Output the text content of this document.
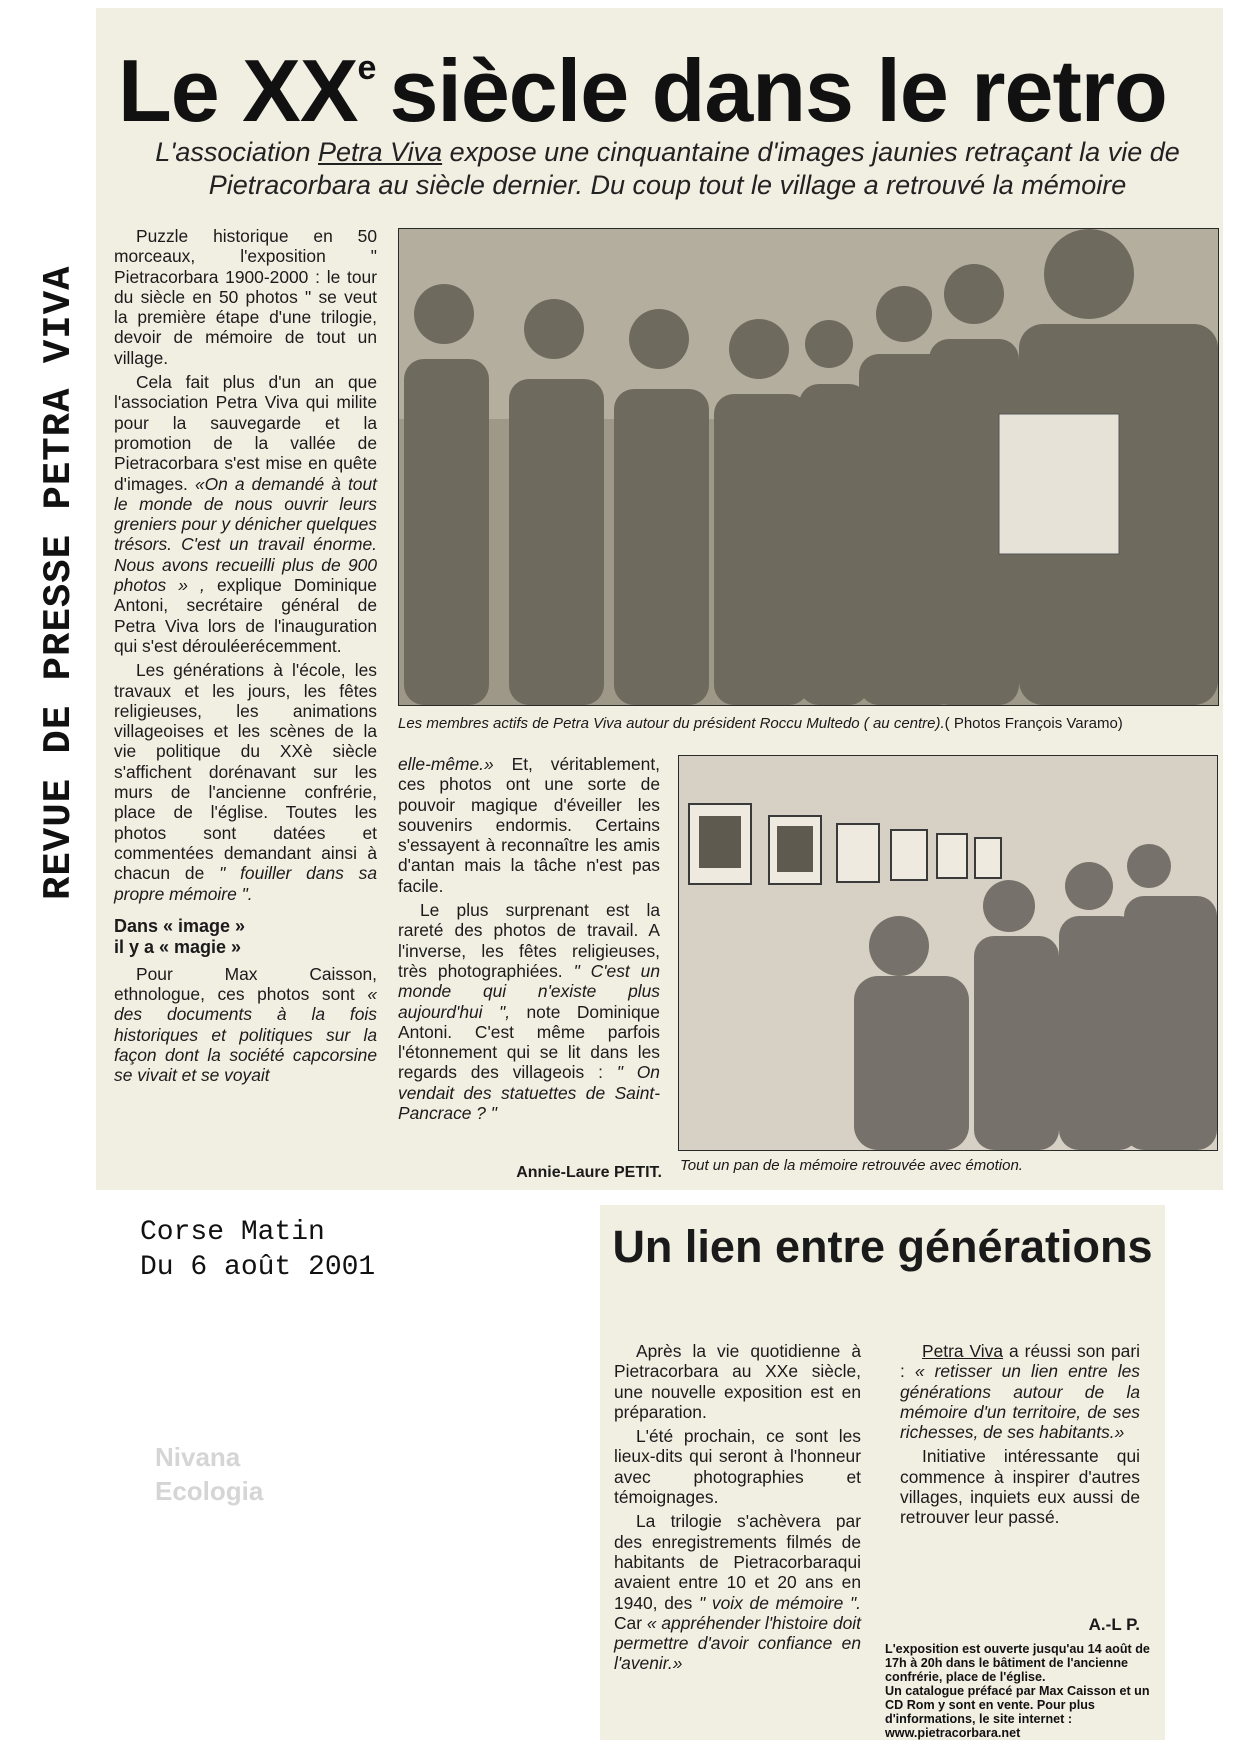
REVUE DE PRESSE PETRA VIVA
Le XXe siècle dans le retro
L'association Petra Viva expose une cinquantaine d'images jaunies retraçant la vie de Pietracorbara au siècle dernier. Du coup tout le village a retrouvé la mémoire

Puzzle historique en 50 morceaux, l'exposition " Pietracorbara 1900-2000 : le tour du siècle en 50 photos " se veut la première étape d'une trilogie, devoir de mémoire de tout un village.

Cela fait plus d'un an que l'association Petra Viva qui milite pour la sauvegarde et la promotion de la vallée de Pietracorbara s'est mise en quête d'images. «On a demandé à tout le monde de nous ouvrir leurs greniers pour y dénicher quelques trésors. C'est un travail énorme. Nous avons recueilli plus de 900 photos » , explique Dominique Antoni, secrétaire général de Petra Viva lors de l'inauguration qui s'est dérouléerécemment.

Les générations à l'école, les travaux et les jours, les fêtes religieuses, les animations villageoises et les scènes de la vie politique du XXè siècle s'affichent dorénavant sur les murs de l'ancienne confrérie, place de l'église. Toutes les photos sont datées et commentées demandant ainsi à chacun de " fouiller dans sa propre mémoire ".

Dans « image »
il y a « magie »

Pour Max Caisson, ethnologue, ces photos sont « des documents à la fois historiques et politiques sur la façon dont la société capcorsine se vivait et se voyait

Les membres actifs de Petra Viva autour du président Roccu Multedo ( au centre).( Photos François Varamo)

elle-même.» Et, véritablement, ces photos ont une sorte de pouvoir magique d'éveiller les souvenirs endormis. Certains s'essayent à reconnaître les amis d'antan mais la tâche n'est pas facile.

Le plus surprenant est la rareté des photos de travail. A l'inverse, les fêtes religieuses, très photographiées. " C'est un monde qui n'existe plus aujourd'hui ", note Dominique Antoni. C'est même parfois l'étonnement qui se lit dans les regards des villageois : " On vendait des statuettes de Saint-Pancrace ? "

Annie-Laure PETIT. Tout un pan de la mémoire retrouvée avec émotion.
Corse Matin
Du 6 août 2001
Nivana
Ecologia
Un lien entre générations

Après la vie quotidienne à Pietracorbara au XXe siècle, une nouvelle exposition est en préparation.

L'été prochain, ce sont les lieux-dits qui seront à l'honneur avec photographies et témoignages.

La trilogie s'achèvera par des enregistrements filmés de habitants de Pietracorbaraqui avaient entre 10 et 20 ans en 1940, des " voix de mémoire ". Car « appréhender l'histoire doit permettre d'avoir confiance en l'avenir.»

Petra Viva a réussi son pari : « retisser un lien entre les générations autour de la mémoire d'un territoire, de ses richesses, de ses habitants.»

Initiative intéressante qui commence à inspirer d'autres villages, inquiets eux aussi de retrouver leur passé.

A.-L P.

L'exposition est ouverte jusqu'au 14 août de 17h à 20h dans le bâtiment de l'ancienne confrérie, place de l'église.

Un catalogue préfacé par Max Caisson et un CD Rom y sont en vente. Pour plus d'informations, le site internet : www.pietracorbara.net
